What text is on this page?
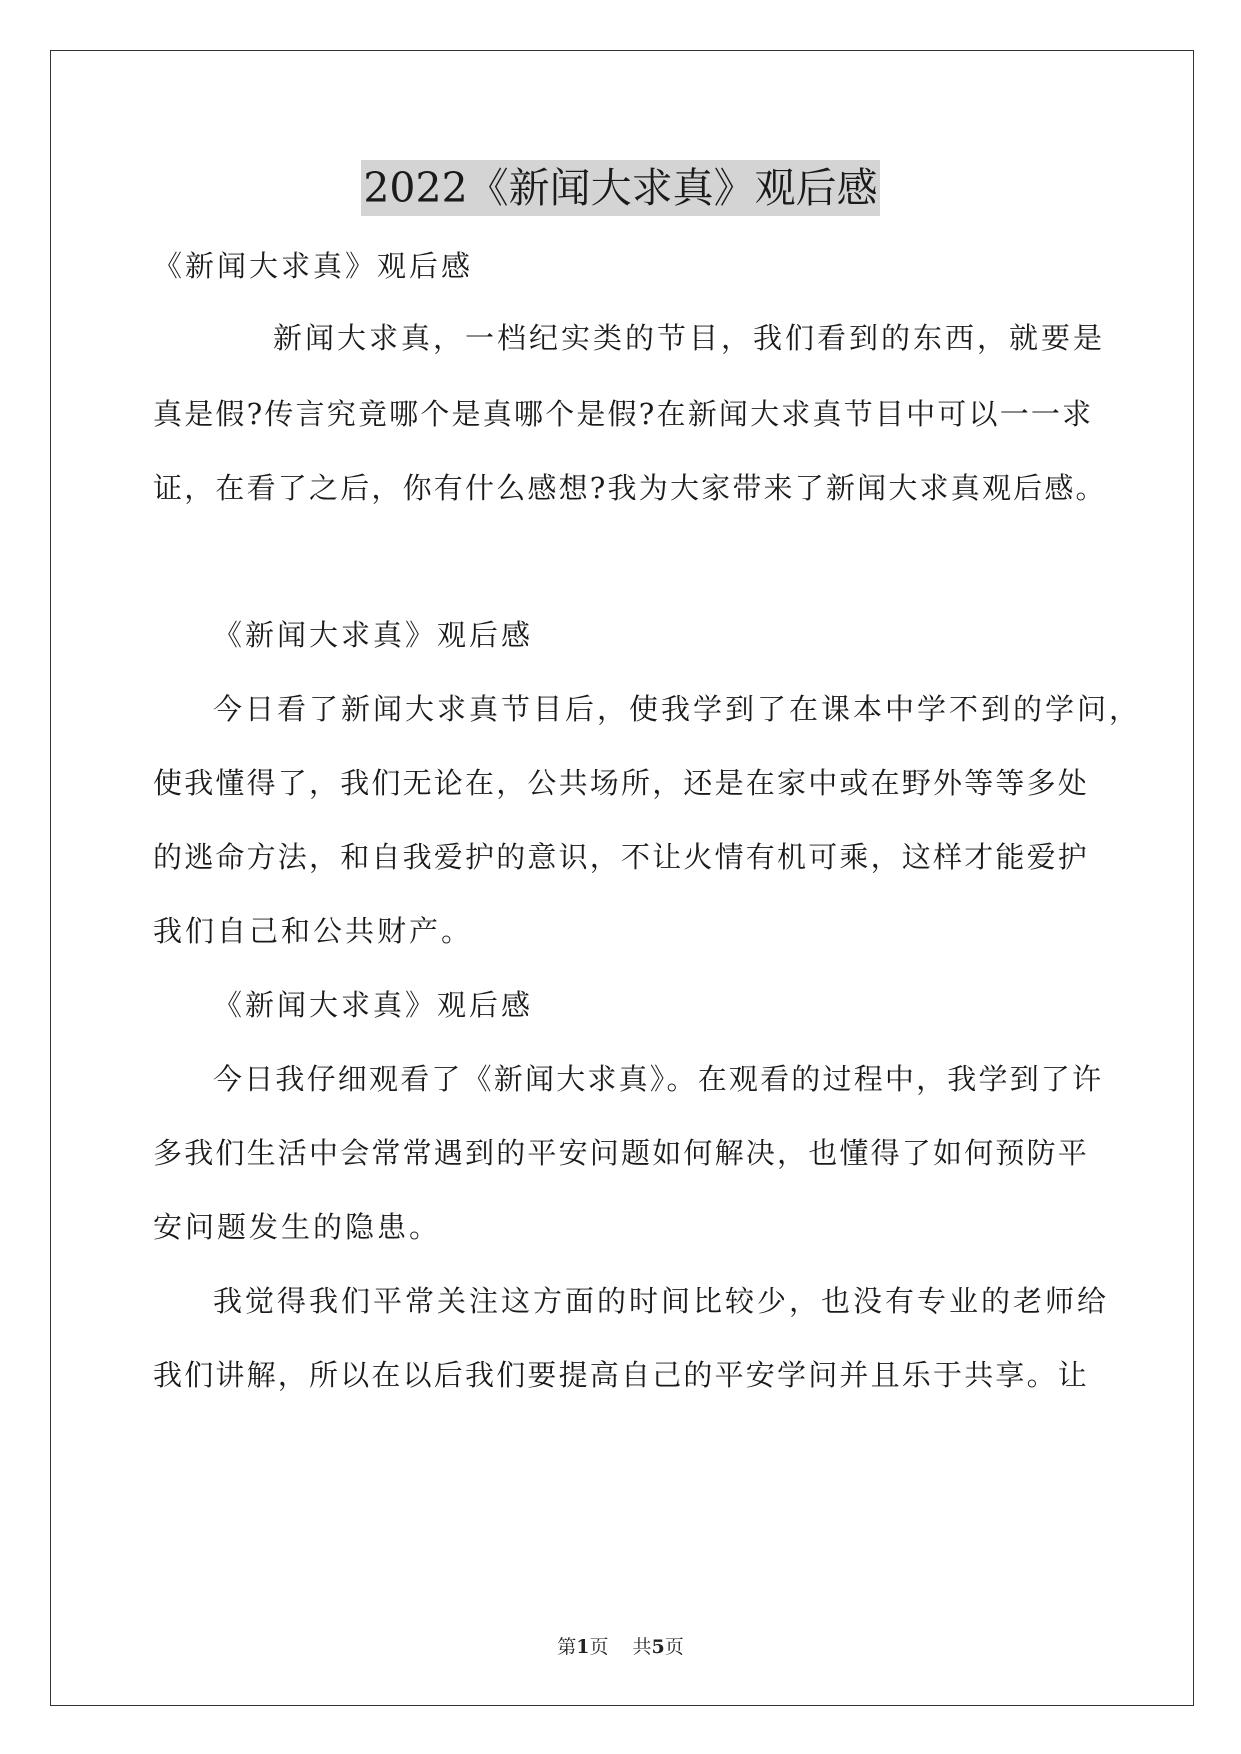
2022《新闻大求真》观后感
《新闻大求真》观后感
新闻大求真，一档纪实类的节目，我们看到的东西，就要是
真是假?传言究竟哪个是真哪个是假?在新闻大求真节目中可以一一求
证，在看了之后，你有什么感想?我为大家带来了新闻大求真观后感。
《新闻大求真》观后感
今日看了新闻大求真节目后，使我学到了在课本中学不到的学问，
使我懂得了，我们无论在，公共场所，还是在家中或在野外等等多处
的逃命方法，和自我爱护的意识，不让火情有机可乘，这样才能爱护
我们自己和公共财产。
《新闻大求真》观后感
今日我仔细观看了《新闻大求真》。在观看的过程中，我学到了许
多我们生活中会常常遇到的平安问题如何解决，也懂得了如何预防平
安问题发生的隐患。
我觉得我们平常关注这方面的时间比较少，也没有专业的老师给
我们讲解，所以在以后我们要提高自己的平安学问并且乐于共享。让
第1页 共5页
